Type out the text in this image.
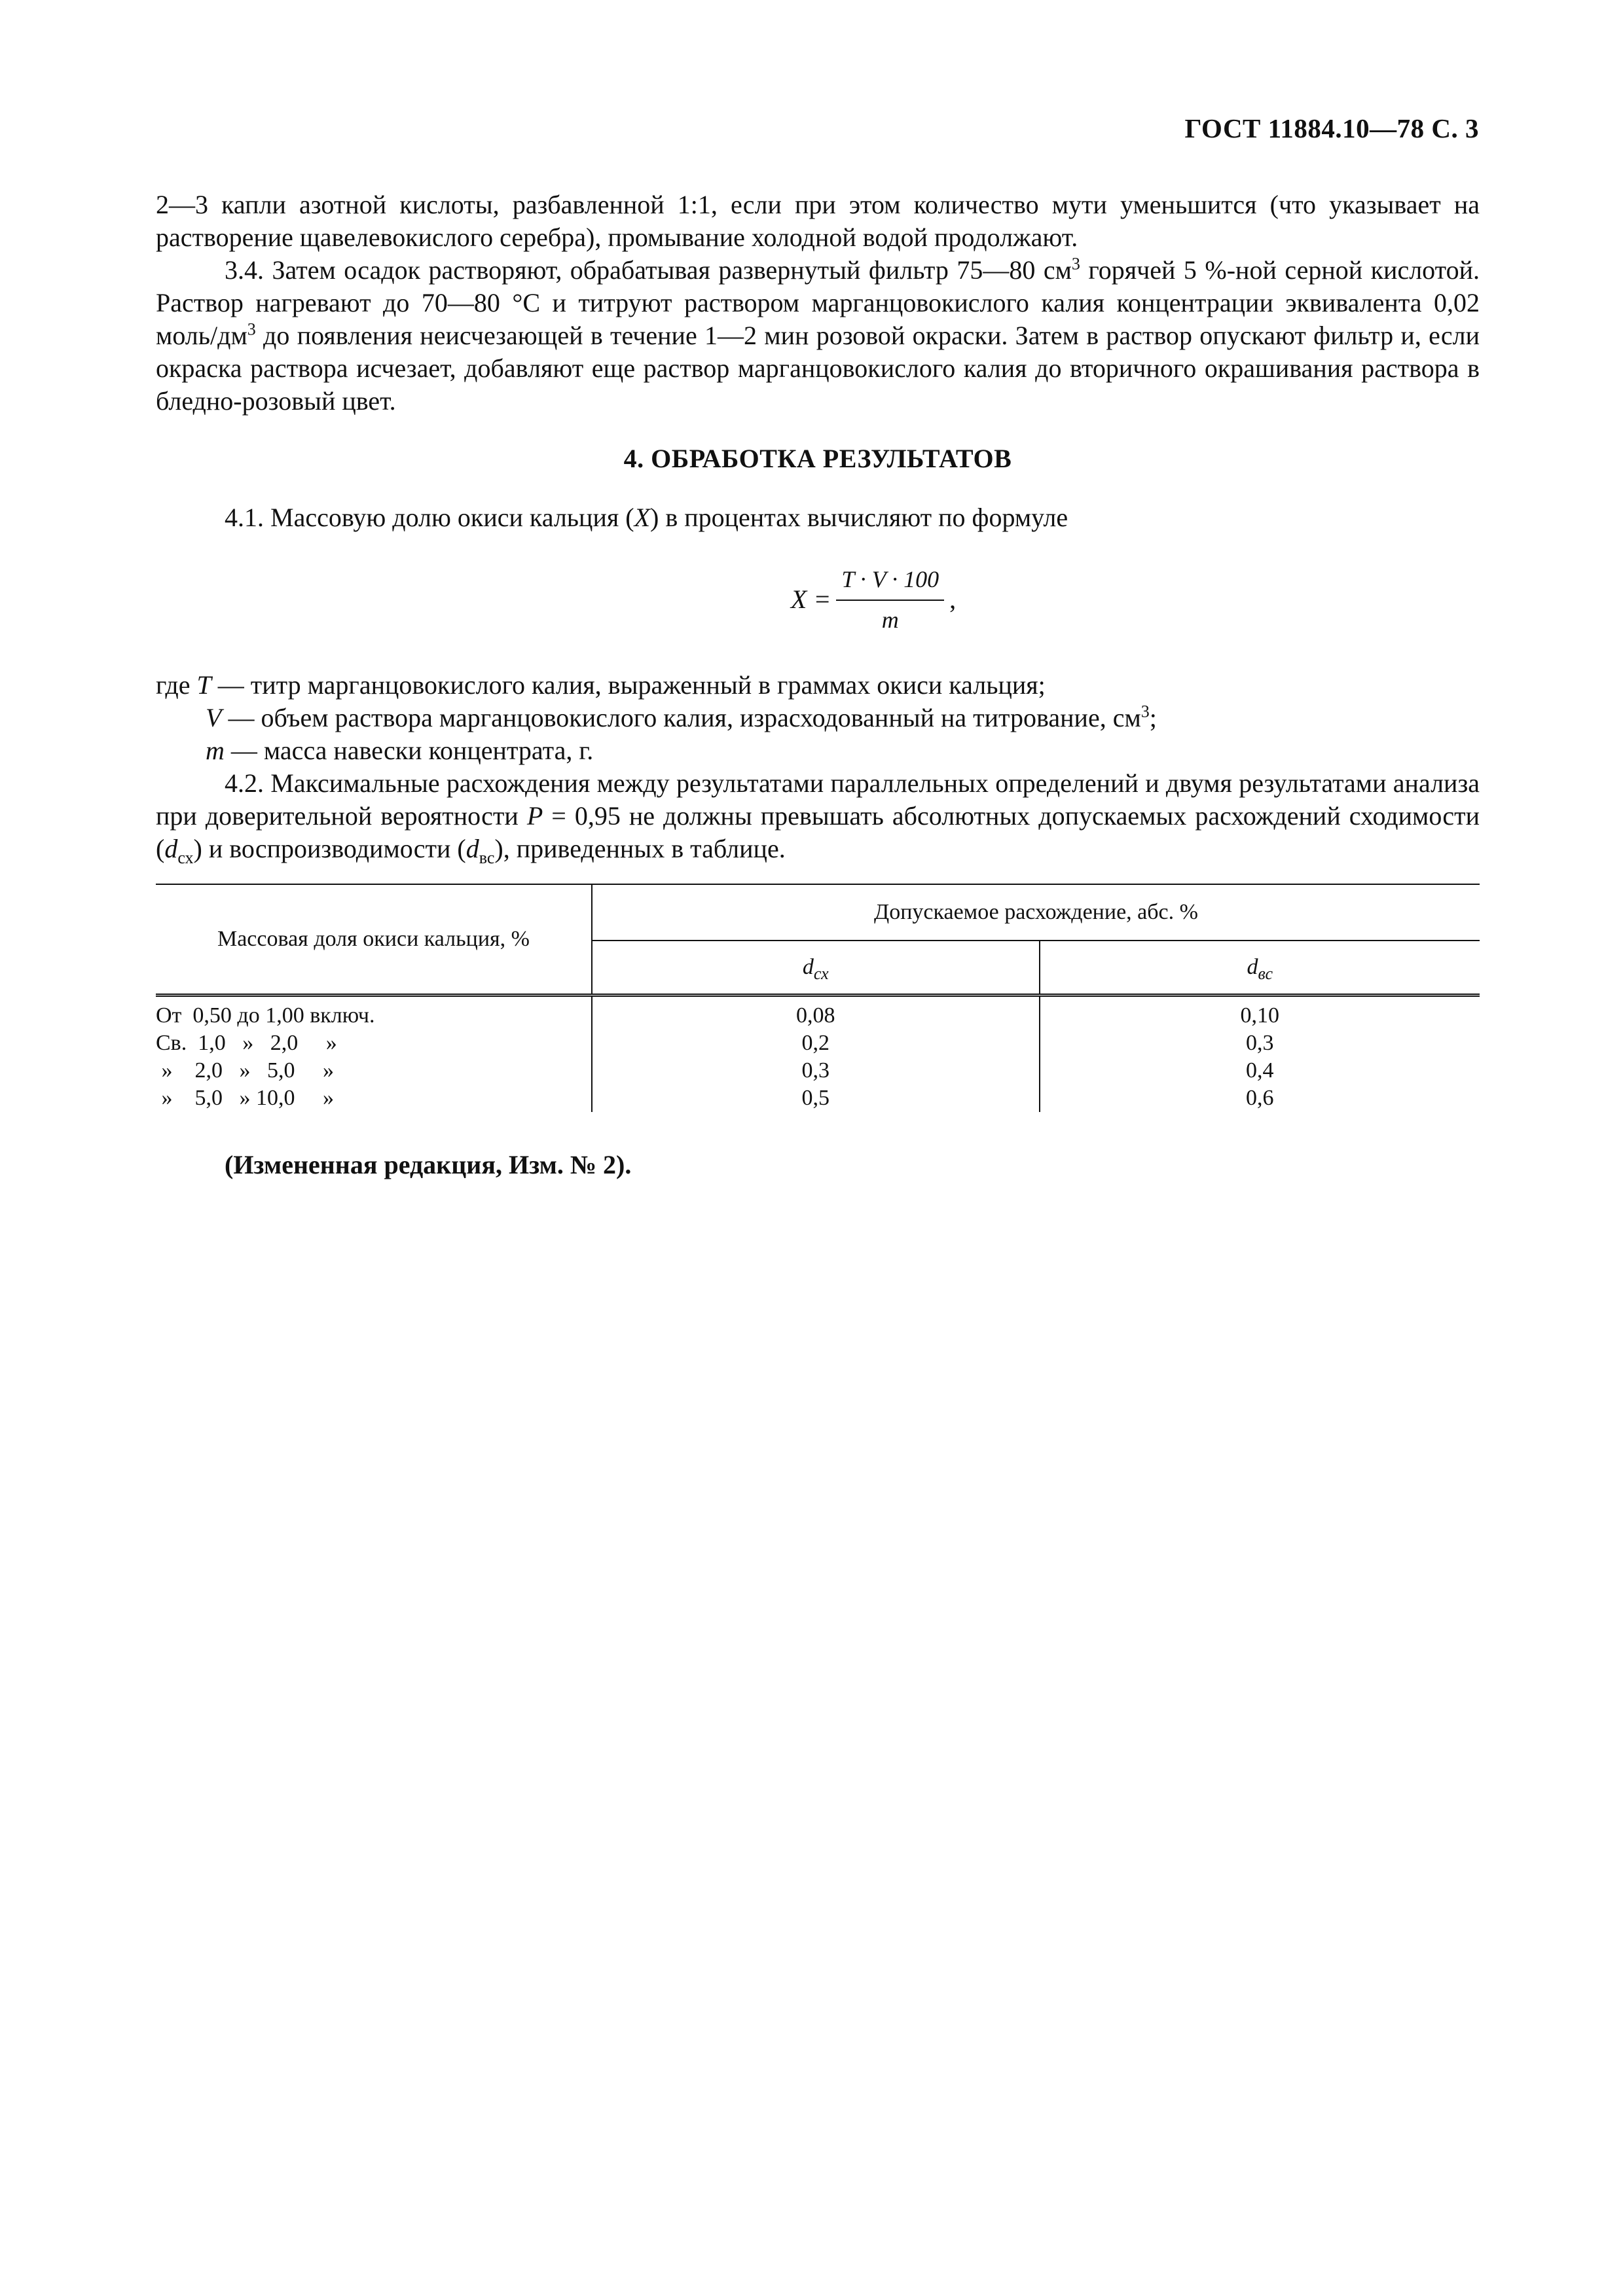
ГОСТ 11884.10—78 С. 3

2—3 капли азотной кислоты, разбавленной 1:1, если при этом количество мути уменьшится (что указывает на растворение щавелевокислого серебра), промывание холодной водой продолжают.

3.4. Затем осадок растворяют, обрабатывая развернутый фильтр 75—80 $см^3$ горячей 5 %-ной серной кислотой. Раствор нагревают до 70—80 °С и титруют раствором марганцовокислого калия концентрации эквивалента 0,02 моль/$дм^3$ до появления неисчезающей в течение 1—2 мин розовой окраски. Затем в раствор опускают фильтр и, если окраска раствора исчезает, добавляют еще раствор марганцовокислого калия до вторичного окрашивания раствора в бледно-розовый цвет.

4. ОБРАБОТКА РЕЗУЛЬТАТОВ

4.1. Массовую долю окиси кальция (X) в процентах вычисляют по формуле

$X = \frac{T \cdot V \cdot 100}{m}$ ,
где T — титр марганцовокислого калия, выраженный в граммах окиси кальция;
V — объем раствора марганцовокислого калия, израсходованный на титрование, $см^3$;
m — масса навески концентрата, г.

4.2. Максимальные расхождения между результатами параллельных определений и двумя результатами анализа при доверительной вероятности P = 0,95 не должны превышать абсолютных допускаемых расхождений сходимости $(d_{сх})$ и воспроизводимости $(d_{вс})$, приведенных в таблице.

Массовая доля окиси кальция, %	Допускаемое расхождение, абс. %	
	$d_{сх}$	$d_{вс}$
От  0,50 до 1,00 включ.	0,08	0,10
Св.  1,0   »   2,0     »	0,2	0,3
»    2,0   »   5,0     »	0,3	0,4
»    5,0   » 10,0     »	0,5	0,6
(Измененная редакция, Изм. № 2).
